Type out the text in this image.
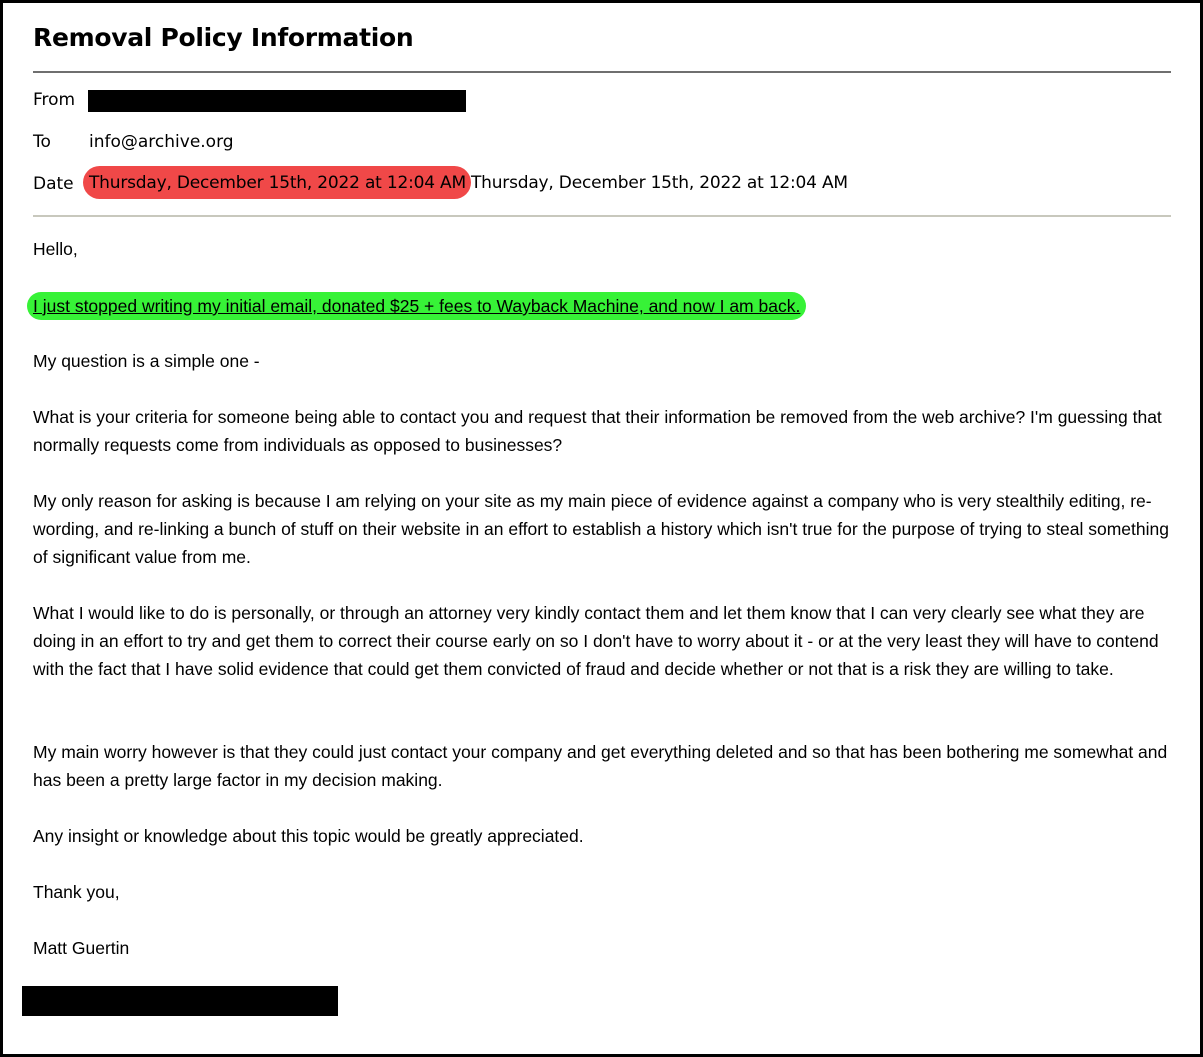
Removal Policy Information
From
To info@archive.org
Date Thursday, December 15th, 2022 at 12:04 AM Thursday, December 15th, 2022 at 12:04 AM
Hello,
I just stopped writing my initial email, donated $25 + fees to Wayback Machine, and now I am back.
My question is a simple one -
What is your criteria for someone being able to contact you and request that their information be removed from the web archive? I'm guessing that normally requests come from individuals as opposed to businesses?
My only reason for asking is because I am relying on your site as my main piece of evidence against a company who is very stealthily editing, re-wording, and re-linking a bunch of stuff on their website in an effort to establish a history which isn't true for the purpose of trying to steal something of significant value from me.
What I would like to do is personally, or through an attorney very kindly contact them and let them know that I can very clearly see what they are doing in an effort to try and get them to correct their course early on so I don't have to worry about it - or at the very least they will have to contend with the fact that I have solid evidence that could get them convicted of fraud and decide whether or not that is a risk they are willing to take.
My main worry however is that they could just contact your company and get everything deleted and so that has been bothering me somewhat and has been a pretty large factor in my decision making.
Any insight or knowledge about this topic would be greatly appreciated.
Thank you,
Matt Guertin
